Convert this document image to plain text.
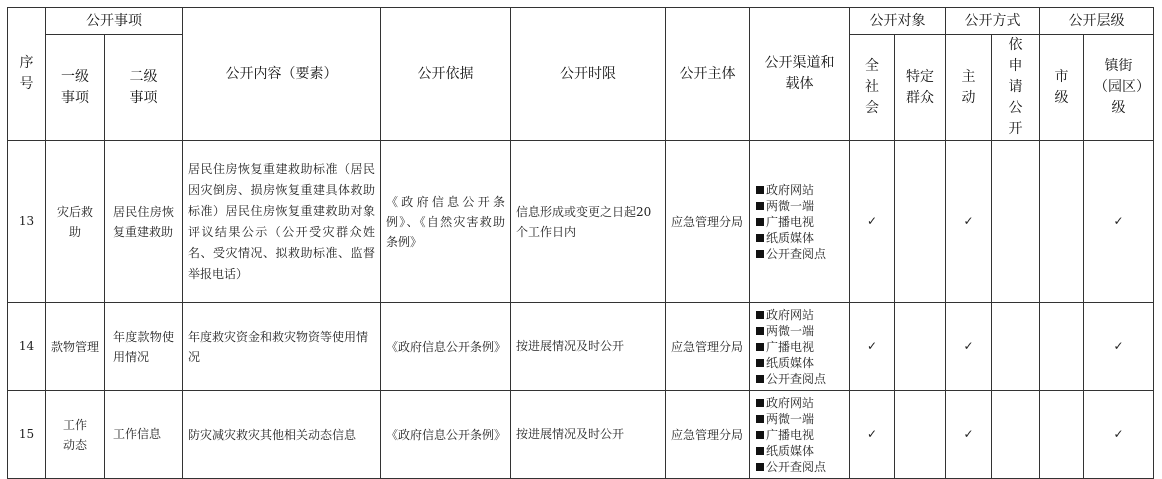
序号	公开事项		公开内容（要素）	公开依据	公开时限	公开主体	公开渠道和载体	公开对象		公开方式		公开层级	
	一级事项	二级事项						全社会	特定群众	主动	依申请公开	市级	镇街（园区）级
13	灾后救助	居民住房恢复重建救助	居民住房恢复重建救助标准（居民因灾倒房、损房恢复重建具体救助标准）居民住房恢复重建救助对象评议结果公示（公开受灾群众姓名、受灾情况、拟救助标准、监督举报电话）	《政府信息公开条例》、《自然灾害救助条例》	信息形成或变更之日起20个工作日内	应急管理分局	政府网站
两微一端
广播电视
纸质媒体
公开查阅点	✓		✓			✓
14	款物管理	年度款物使用情况	年度救灾资金和救灾物资等使用情况	《政府信息公开条例》	按进展情况及时公开	应急管理分局	政府网站
两微一端
广播电视
纸质媒体
公开查阅点	✓		✓			✓
15	工作动态	工作信息	防灾减灾救灾其他相关动态信息	《政府信息公开条例》	按进展情况及时公开	应急管理分局	政府网站
两微一端
广播电视
纸质媒体
公开查阅点	✓		✓			✓
